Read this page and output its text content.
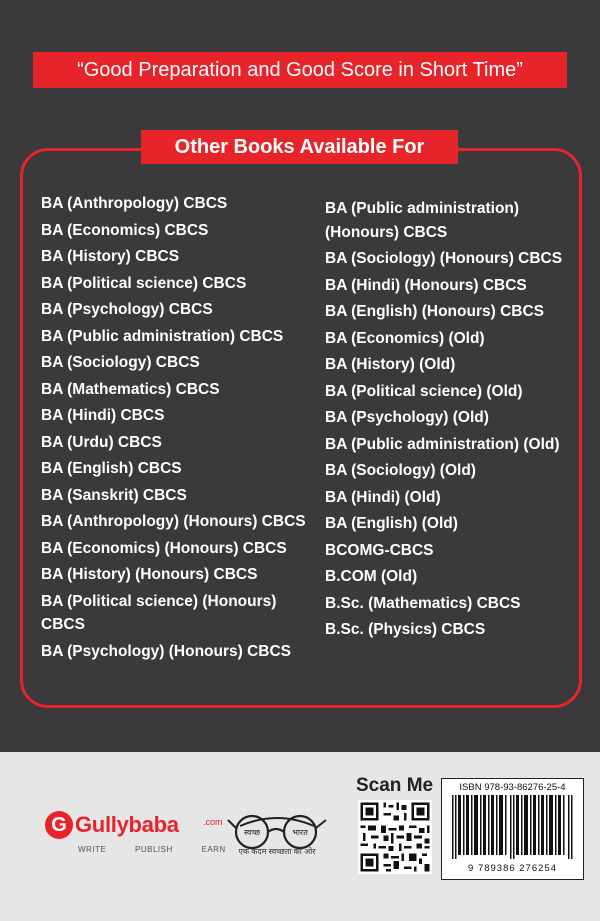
“Good Preparation and Good Score in Short Time”
Other Books Available For
BA (Anthropology) CBCS
BA (Economics) CBCS
BA (History) CBCS
BA (Political science) CBCS
BA (Psychology) CBCS
BA (Public administration) CBCS
BA (Sociology) CBCS
BA (Mathematics) CBCS
BA (Hindi) CBCS
BA (Urdu) CBCS
BA (English) CBCS
BA (Sanskrit) CBCS
BA (Anthropology) (Honours) CBCS
BA (Economics) (Honours) CBCS
BA (History) (Honours) CBCS
BA (Political science) (Honours) CBCS
BA (Psychology) (Honours) CBCS
BA (Public administration) (Honours) CBCS
BA (Sociology) (Honours) CBCS
BA (Hindi) (Honours) CBCS
BA (English) (Honours) CBCS
BA (Economics) (Old)
BA (History) (Old)
BA (Political science) (Old)
BA (Psychology) (Old)
BA (Public administration) (Old)
BA (Sociology) (Old)
BA (Hindi) (Old)
BA (English) (Old)
BCOMG-CBCS
B.COM (Old)
B.Sc. (Mathematics) CBCS
B.Sc. (Physics) CBCS
G Gullybaba	.com
WRITE	PUBLISH	EARN
स्वच्छ	भारत
एक कदम स्वच्छता की ओर
Scan Me	ISBN 978-93-86276-25-4
9 789386 276254
